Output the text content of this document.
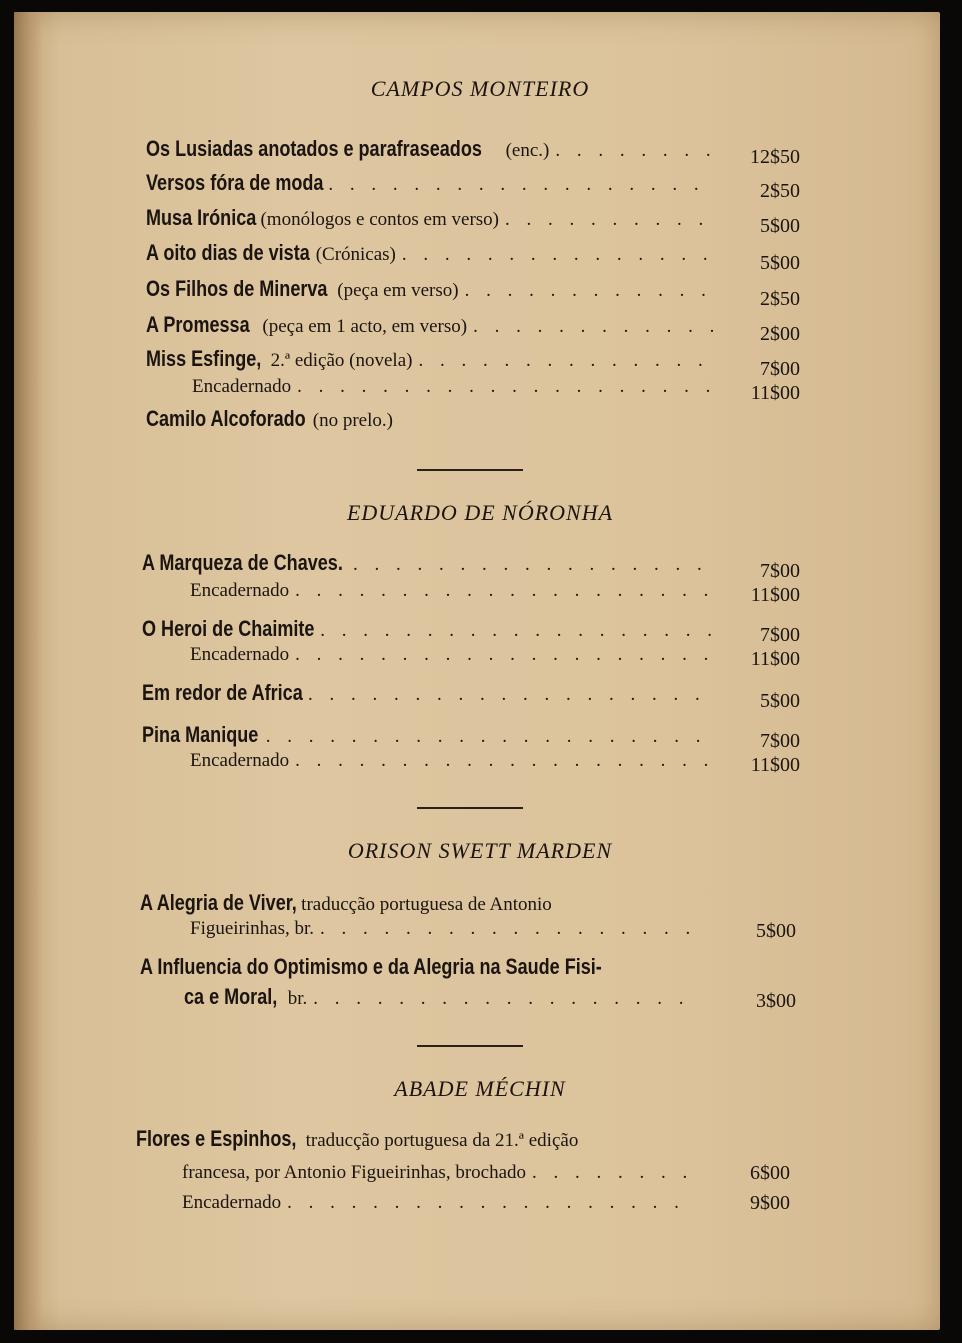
CAMPOS MONTEIRO
Os Lusiadas anotados e parafraseados (enc.) . . .	12$50
Versos fóra de moda . . .	2$50
Musa Irónica (monólogos e contos em verso) . . .	5$00
A oito dias de vista (Crónicas) . . .	5$00
Os Filhos de Minerva (peça em verso) . . .	2$50
A Promessa (peça em 1 acto, em verso) . . .	2$00
Miss Esfinge, 2.ª edição (novela) . . .	7$00
Encadernado . . .	11$00
Camilo Alcoforado (no prelo.)
EDUARDO DE NÓRONHA
A Marqueza de Chaves. . . .	7$00
Encadernado . . .	11$00
O Heroi de Chaimite . . .	7$00
Encadernado . . .	11$00
Em redor de Africa . . .	5$00
Pina Manique . . .	7$00
Encadernado . . .	11$00
ORISON SWETT MARDEN
A Alegria de Viver, traducção portuguesa de Antonio
Figueirinhas, br. . . .	5$00
A Influencia do Optimismo e da Alegria na Saude Fisi-
ca e Moral, br. . . .	3$00
ABADE MÉCHIN
Flores e Espinhos, traducção portuguesa da 21.ª edição
francesa, por Antonio Figueirinhas, brochado . . .	6$00
Encadernado . . .	9$00
